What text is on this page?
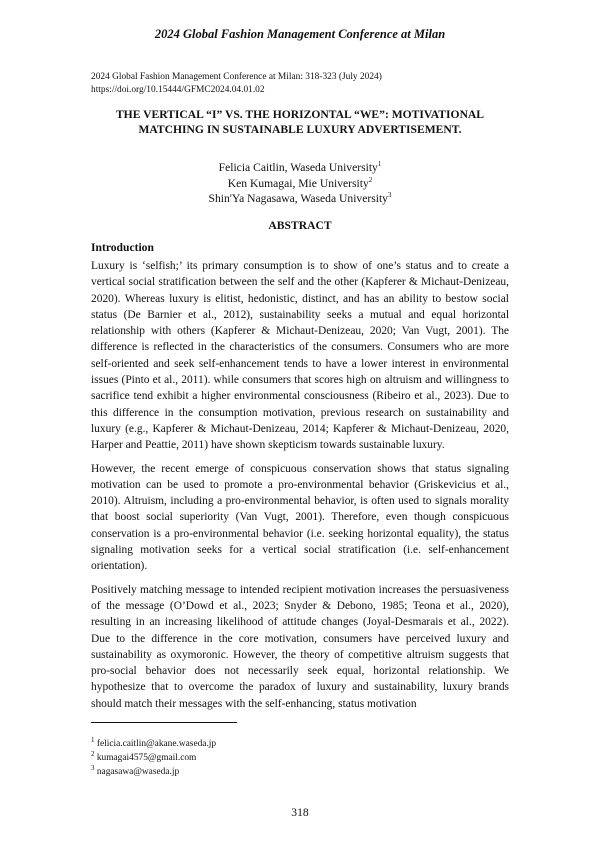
2024 Global Fashion Management Conference at Milan
2024 Global Fashion Management Conference at Milan: 318-323 (July 2024)
https://doi.org/10.15444/GFMC2024.04.01.02
THE VERTICAL “I” VS. THE HORIZONTAL “WE”: MOTIVATIONAL
MATCHING IN SUSTAINABLE LUXURY ADVERTISEMENT.
Felicia Caitlin, Waseda University$^1$
Ken Kumagai, Mie University$^2$
Shin'Ya Nagasawa, Waseda University$^3$
ABSTRACT
Introduction

Luxury is ‘selfish;’ its primary consumption is to show of one’s status and to create a vertical social stratification between the self and the other (Kapferer & Michaut-Denizeau, 2020). Whereas luxury is elitist, hedonistic, distinct, and has an ability to bestow social status (De Barnier et al., 2012), sustainability seeks a mutual and equal horizontal relationship with others (Kapferer & Michaut-Denizeau, 2020; Van Vugt, 2001). The difference is reflected in the characteristics of the consumers. Consumers who are more self-oriented and seek self-enhancement tends to have a lower interest in environmental issues (Pinto et al., 2011). while consumers that scores high on altruism and willingness to sacrifice tend exhibit a higher environmental consciousness (Ribeiro et al., 2023). Due to this difference in the consumption motivation, previous research on sustainability and luxury (e.g., Kapferer & Michaut-Denizeau, 2014; Kapferer & Michaut-Denizeau, 2020, Harper and Peattie, 2011) have shown skepticism towards sustainable luxury.

However, the recent emerge of conspicuous conservation shows that status signaling motivation can be used to promote a pro-environmental behavior (Griskevicius et al., 2010). Altruism, including a pro-environmental behavior, is often used to signals morality that boost social superiority (Van Vugt, 2001). Therefore, even though conspicuous conservation is a pro-environmental behavior (i.e. seeking horizontal equality), the status signaling motivation seeks for a vertical social stratification (i.e. self-enhancement orientation).

Positively matching message to intended recipient motivation increases the persuasiveness of the message (O’Dowd et al., 2023; Snyder & Debono, 1985; Teona et al., 2020), resulting in an increasing likelihood of attitude changes (Joyal-Desmarais et al., 2022). Due to the difference in the core motivation, consumers have perceived luxury and sustainability as oxymoronic. However, the theory of competitive altruism suggests that pro-social behavior does not necessarily seek equal, horizontal relationship. We hypothesize that to overcome the paradox of luxury and sustainability, luxury brands should match their messages with the self-enhancing, status motivation

$^1$ felicia.caitlin@akane.waseda.jp
$^2$ kumagai4575@gmail.com
$^3$ nagasawa@waseda.jp
318
